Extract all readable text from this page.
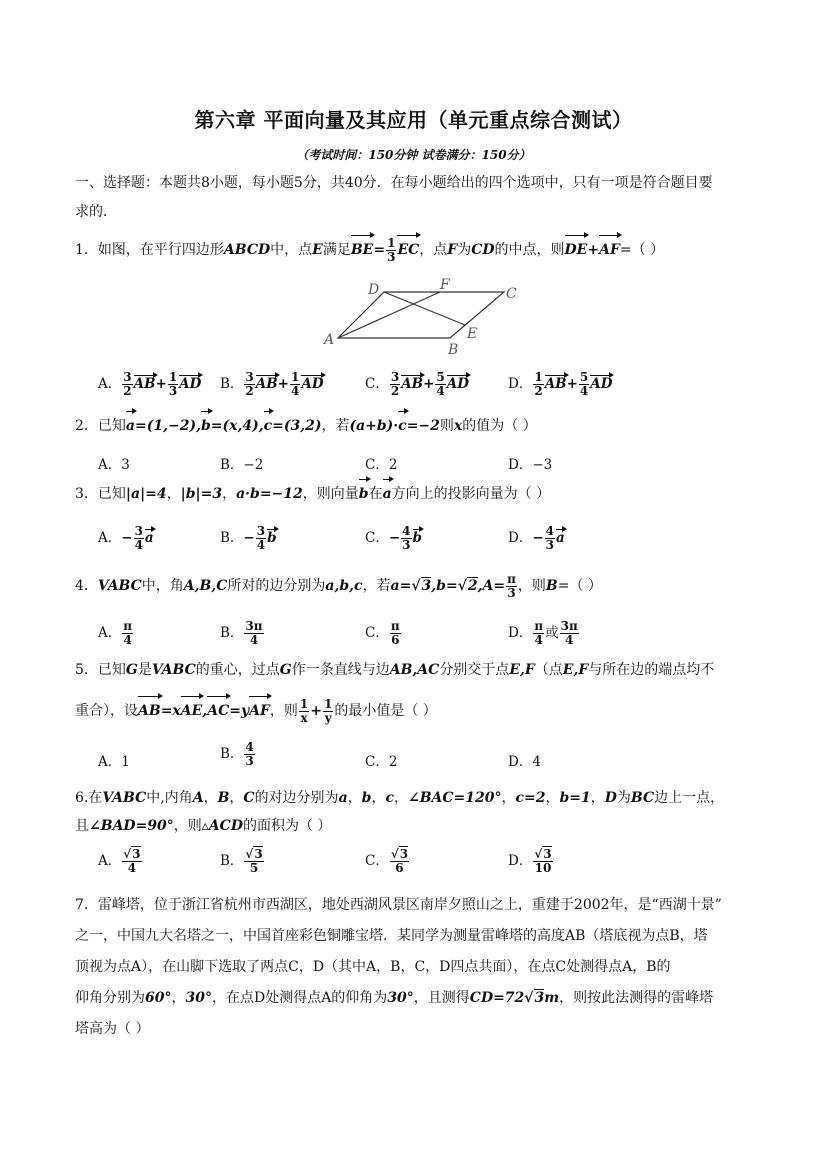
第六章 平面向量及其应用（单元重点综合测试）
（考试时间：150分钟 试卷满分：150分）
一、选择题：本题共8小题，每小题5分，共40分．在每小题给出的四个选项中，只有一项是符合题目要
求的．
1．如图，在平行四边形ABCD中，点E满足$BE= \frac{1}{3}$ EC，点F为CD的中点，则DE+AF=（ ）
D	F
C
A
B
E
A． $\frac{3}{2} AB+ \frac{1}{3}$ AD B． $\frac{3}{2} AB+ \frac{1}{4}$ AD	C． $\frac{3}{2} AB+ \frac{5}{4}$ AD	D． $\frac{1}{2} AB+ \frac{5}{4}$ AD
2．已知a=(1,−2),b=(x,4),c=(3,2)，若(a+b)·c=−2则x的值为（ ）
A．3	B．−2	C．2	D．−3
3．已知|a|=4，|b|=3，a·b=−12，则向量b在a方向上的投影向量为（ ）
A．− $\frac{3}{4}$ a	B．− $\frac{3}{4}$ b	C．− $\frac{4}{3}$ b	D．− $\frac{4}{3}$ a
4．VABC中，角A,B,C所对的边分别为a,b,c，若$a=√3,b=√2,A= \frac{\pi}{3}$ ，则B=（ ）
A． $\frac{\pi}{4}$	B． $\frac{3\pi}{4}$	C． $\frac{\pi}{6}$	D． $\frac{\pi}{4}$ 或 $\frac{3\pi}{4}$
5．已知G是VABC的重心，过点G作一条直线与边AB,AC分别交于点E,F（点E,F与所在边的端点均不
重合），设AB=xAE,AC=yAF，则 $\frac{1}{x} + \frac{1}{y}$ 的最小值是（ ）
A．1	B． $\frac{4}{3}$	C．2	D．4
6.在VABC中,内角A，B，C的对边分别为a，b，c，∠BAC=120°，c=2，b=1，D为BC边上一点，
且∠BAD=90°，则▵ACD的面积为（ ）
A． $\frac{√3}{4}$	B． $\frac{√3}{5}$	C． $\frac{√3}{6}$	D． $\frac{√3}{10}$
7．雷峰塔，位于浙江省杭州市西湖区，地处西湖风景区南岸夕照山之上，重建于2002年，是“西湖十景”
之一，中国九大名塔之一，中国首座彩色铜雕宝塔．某同学为测量雷峰塔的高度AB（塔底视为点B，塔
顶视为点A），在山脚下选取了两点C，D（其中A，B，C，D四点共面），在点C处测得点A，B的
仰角分别为60°，30°，在点D处测得点A的仰角为30°，且测得CD=72√3m，则按此法测得的雷峰塔
塔高为（ ）
